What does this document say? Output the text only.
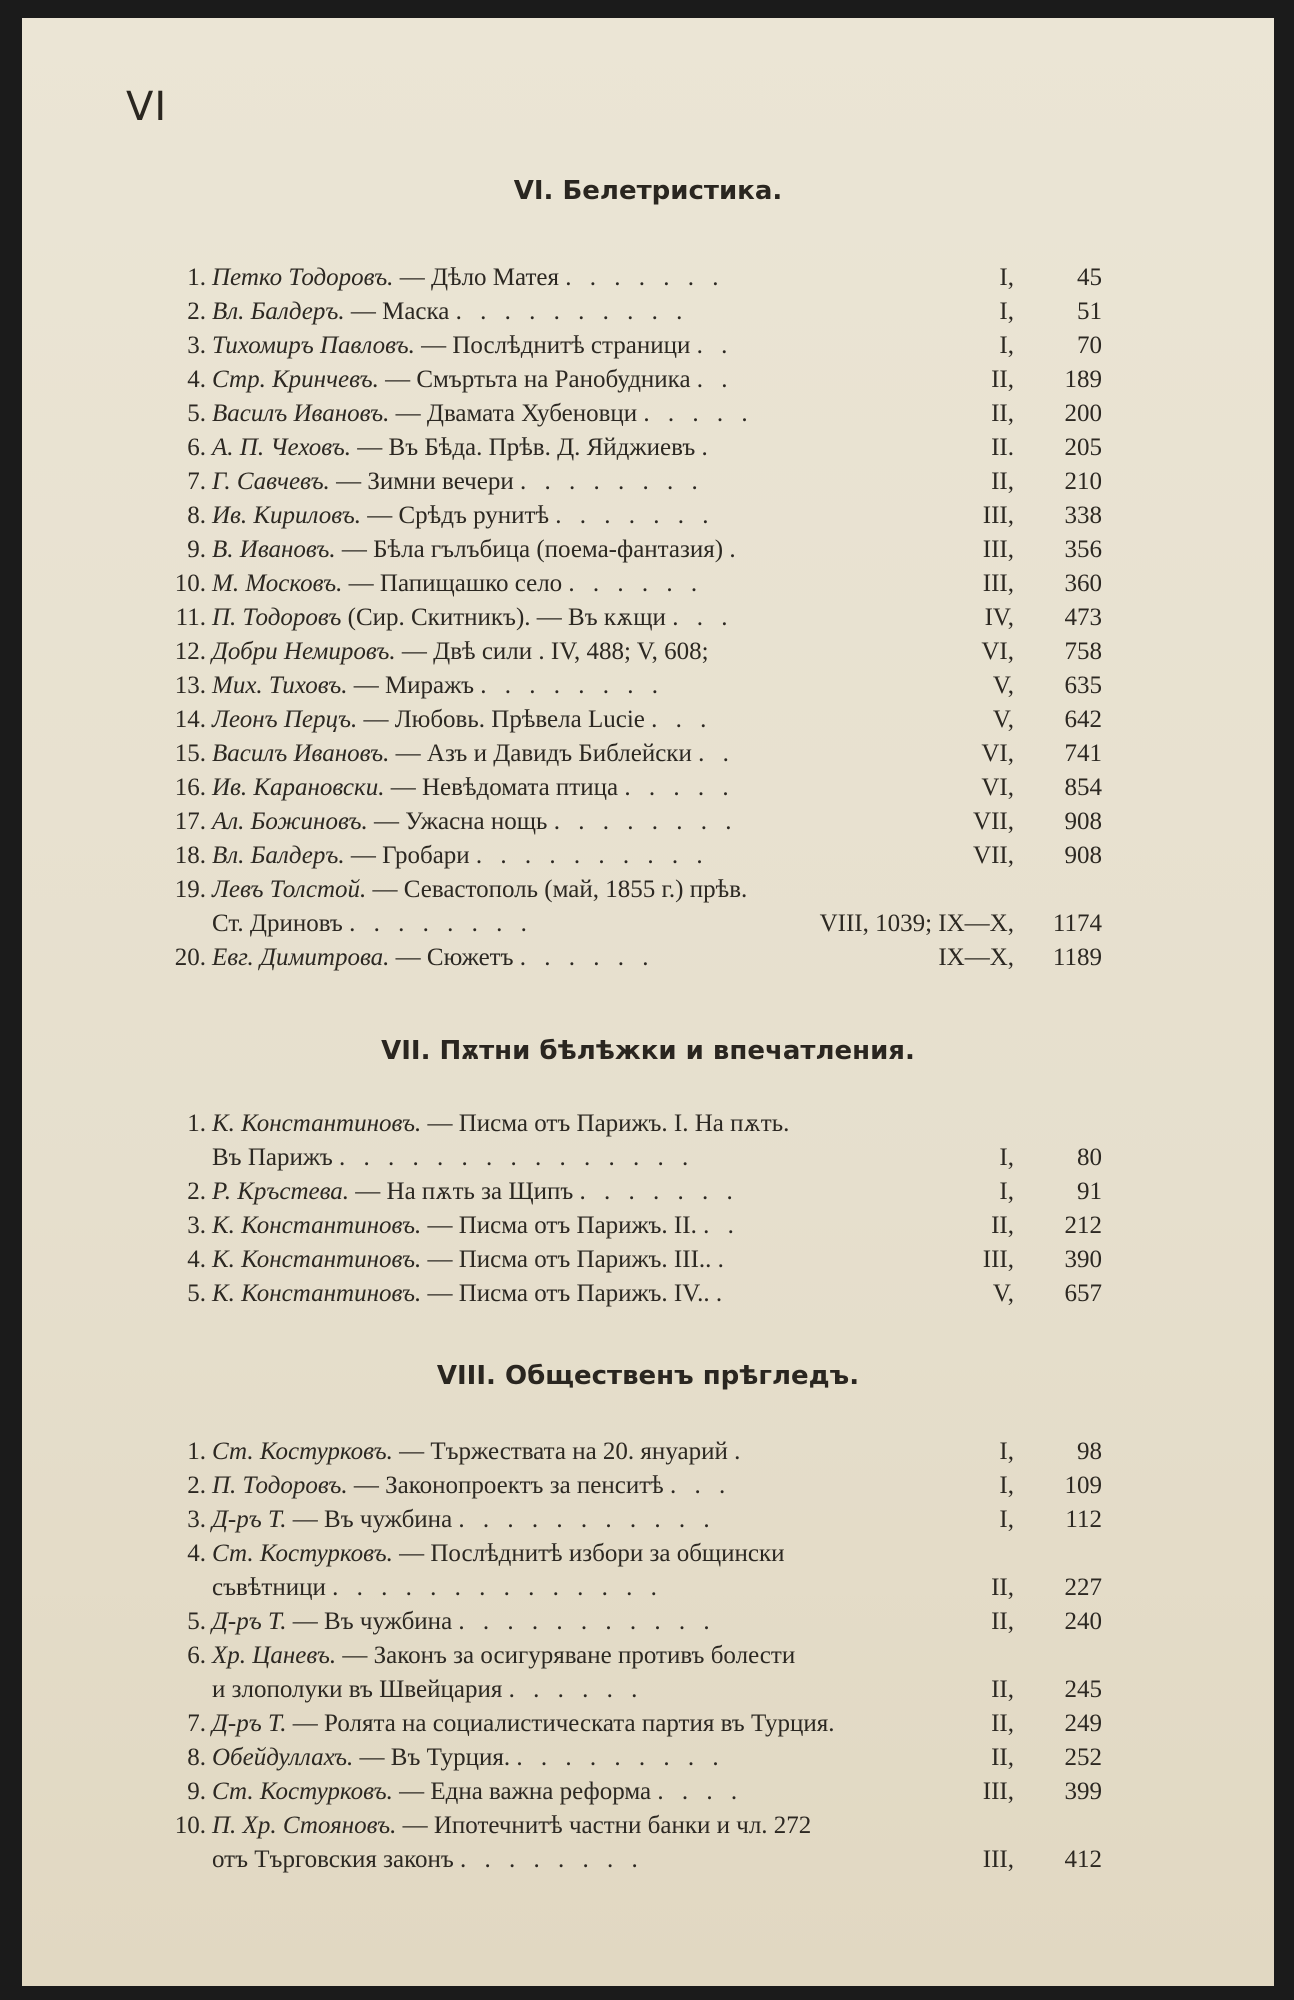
VI
VI. Белетристика.
1. Петко Тодоровъ. — Дѣло Матея . . . . . . .	I,	45
2. Вл. Балдеръ. — Маска . . . . . . . . . .	I,	51
3. Тихомиръ Павловъ. — Послѣднитѣ страници . .	I,	70
4. Стр. Кринчевъ. — Смъртьта на Ранобудника . .	II, 189
5. Василъ Ивановъ. — Двамата Хубеновци . . . . .	II, 200
6. А. П. Чеховъ. — Въ Бѣда. Прѣв. Д. Яйджиевъ .	II. 205
7. Г. Савчевъ. — Зимни вечери . . . . . . . .	II, 210
8. Ив. Кириловъ. — Срѣдъ рунитѣ . . . . . . .	III, 338
9. В. Ивановъ. — Бѣла гълъбица (поема-фантазия) .	III, 356
10. М. Московъ. — Папищашко село . . . . . .	III, 360
11. П. Тодоровъ (Сир. Скитникъ). — Въ кѫщи . . .	IV, 473
12. Добри Немировъ. — Двѣ сили . IV, 488; V, 608;	VI, 758
13. Мих. Тиховъ. — Миражъ . . . . . . . .	V, 635
14. Леонъ Перцъ. — Любовь. Прѣвела Lucie . . .	V, 642
15. Василъ Ивановъ. — Азъ и Давидъ Библейски . .	VI, 741
16. Ив. Карановски. — Невѣдомата птица . . . . .	VI, 854
17. Ал. Божиновъ. — Ужасна нощь . . . . . . . .	VII, 908
18. Вл. Балдеръ. — Гробари . . . . . . . . . .	VII, 908
19. Левъ Толстой. — Севастополь (май, 1855 г.) прѣв.
Ст. Дриновъ . . . . . . . .	VIII, 1039; IX—X, 1174
20. Евг. Димитрова. — Сюжетъ . . . . . .	IX—X, 1189
VII. Пѫтни бѣлѣжки и впечатления.
1. К. Константиновъ. — Писма отъ Парижъ. I. На пѫть.
Въ Парижъ . . . . . . . . . . . . . . .	I,	80
2. Р. Кръстева. — На пѫть за Щипъ . . . . . . .	I,	91
3. К. Константиновъ. — Писма отъ Парижъ. II. . .	II, 212
4. К. Константиновъ. — Писма отъ Парижъ. III.. .	III, 390
5. К. Константиновъ. — Писма отъ Парижъ. IV.. .	V, 657
VIII. Общественъ прѣгледъ.
1. Ст. Костурковъ. — Тържествата на 20. януарий .	I,	98
2. П. Тодоровъ. — Законопроектъ за пенситѣ . . .	I, 109
3. Д-ръ Т. — Въ чужбина . . . . . . . . . . .	I, 112
4. Ст. Костурковъ. — Послѣднитѣ избори за общински
съвѣтници . . . . . . . . . . . . . .	II, 227
5. Д-ръ Т. — Въ чужбина . . . . . . . . . . .	II, 240
6. Хр. Цаневъ. — Законъ за осигуряване противъ болести
и злополуки въ Швейцария . . . . . .	II, 245
7. Д-ръ Т. — Ролята на социалистическата партия въ Турция.	II, 249
8. Обейдуллахъ. — Въ Турция. . . . . . . . . .	II, 252
9. Ст. Костурковъ. — Една важна реформа . . . .	III, 399
10. П. Хр. Стояновъ. — Ипотечнитѣ частни банки и чл. 272
отъ Търговския законъ . . . . . . . .	III, 412
